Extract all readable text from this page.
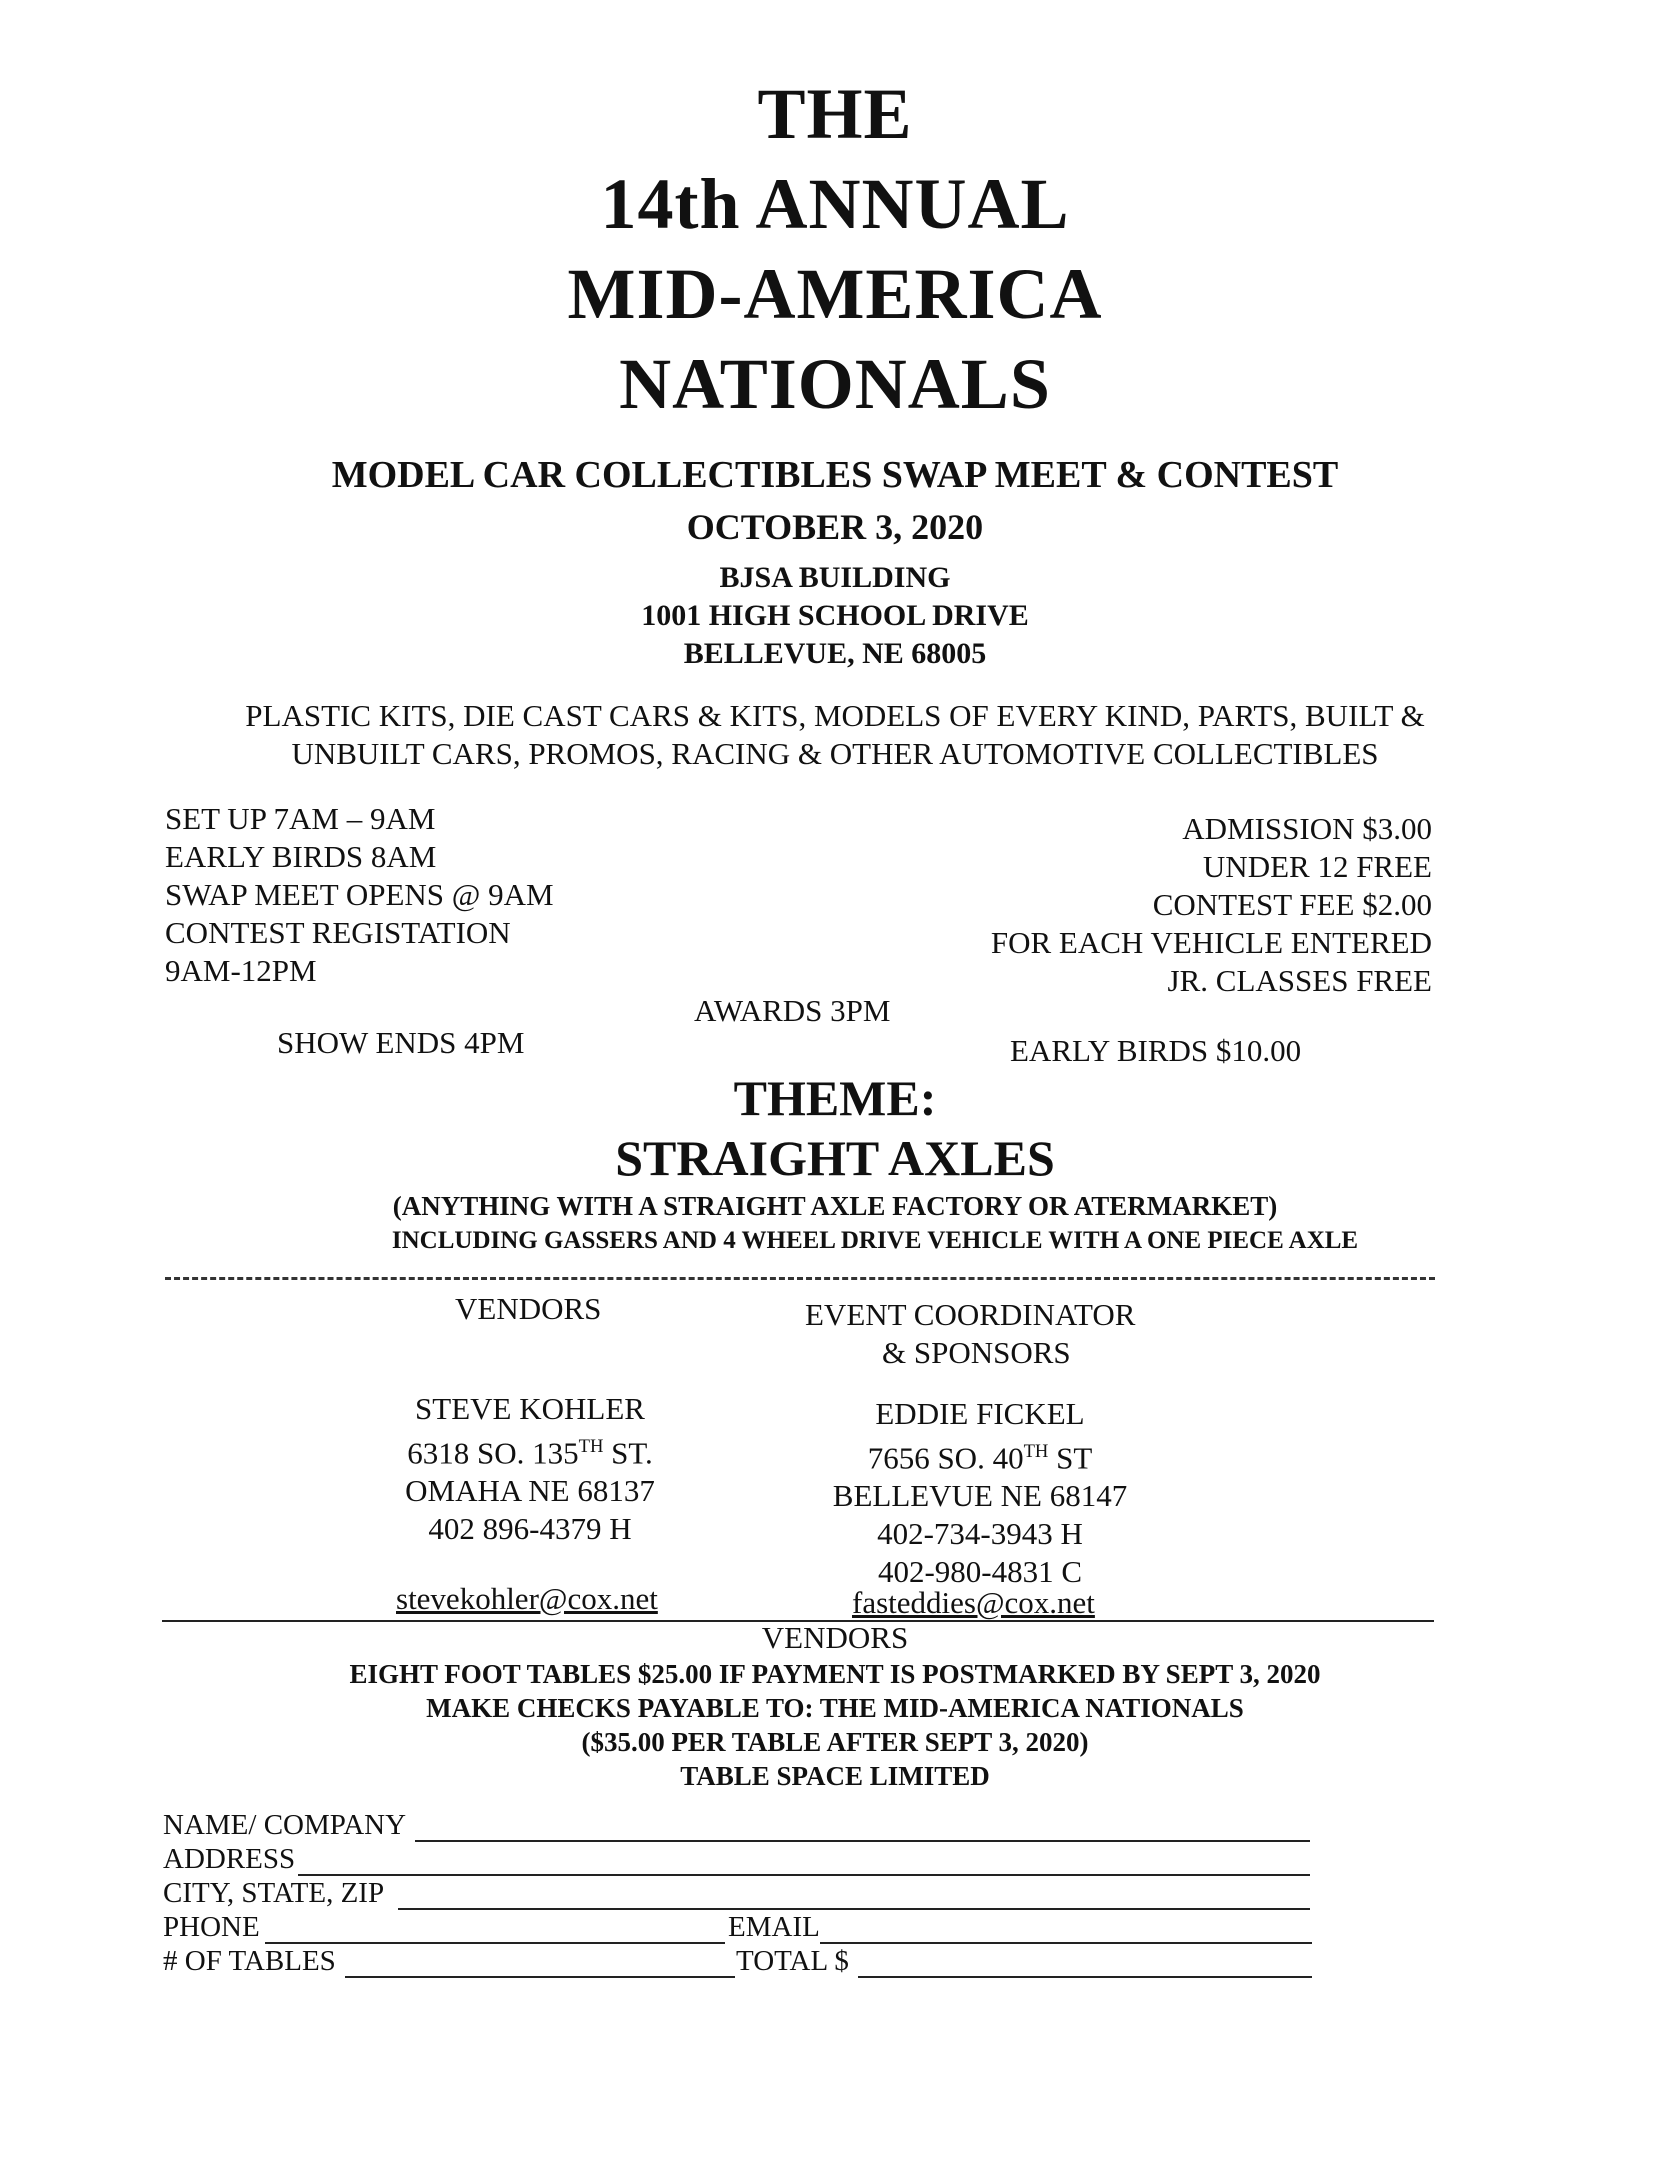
THE
14th ANNUAL
MID-AMERICA
NATIONALS
MODEL CAR COLLECTIBLES SWAP MEET & CONTEST
OCTOBER 3, 2020
BJSA BUILDING
1001 HIGH SCHOOL DRIVE
BELLEVUE, NE 68005
PLASTIC KITS, DIE CAST CARS & KITS, MODELS OF EVERY KIND, PARTS, BUILT &
UNBUILT CARS, PROMOS, RACING & OTHER AUTOMOTIVE COLLECTIBLES
SET UP 7AM – 9AM
EARLY BIRDS 8AM
SWAP MEET OPENS @ 9AM
CONTEST REGISTATION
9AM-12PM
SHOW ENDS 4PM
AWARDS 3PM
ADMISSION $3.00
UNDER 12 FREE
CONTEST FEE $2.00
FOR EACH VEHICLE ENTERED
JR. CLASSES FREE
EARLY BIRDS $10.00
THEME:
STRAIGHT AXLES
(ANYTHING WITH A STRAIGHT AXLE FACTORY OR ATERMARKET)
INCLUDING GASSERS AND 4 WHEEL DRIVE VEHICLE WITH A ONE PIECE AXLE
VENDORS	EVENT COORDINATOR
& SPONSORS
STEVE KOHLER
6318 SO. 135TH ST.
OMAHA NE 68137
402 896-4379 H
stevekohler@cox.net
EDDIE FICKEL
7656 SO. 40TH ST
BELLEVUE NE 68147
402-734-3943 H
402-980-4831 C
fasteddies@cox.net
VENDORS
EIGHT FOOT TABLES $25.00 IF PAYMENT IS POSTMARKED BY SEPT 3, 2020
MAKE CHECKS PAYABLE TO: THE MID-AMERICA NATIONALS
($35.00 PER TABLE AFTER SEPT 3, 2020)
TABLE SPACE LIMITED
NAME/ COMPANY
ADDRESS
CITY, STATE, ZIP
PHONE	EMAIL
# OF TABLES	TOTAL $
